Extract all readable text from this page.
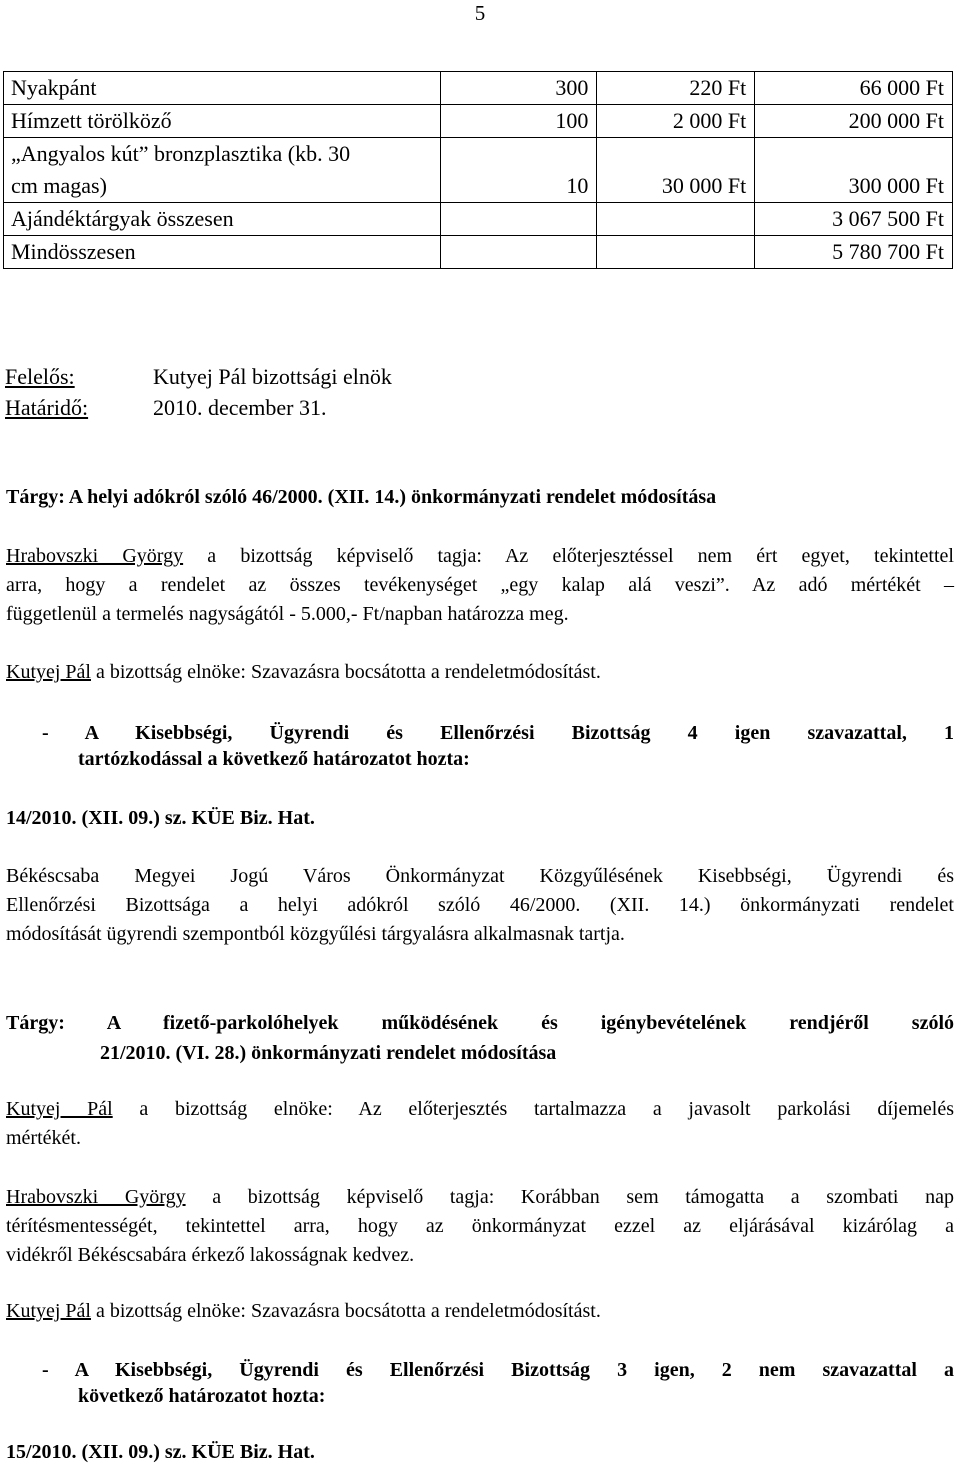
5
Nyakpánt	300	220 Ft	66 000 Ft
Hímzett törölköző	100	2 000 Ft	200 000 Ft

„Angyalos kút” bronzplasztika (kb. 30
cm magas)	10	30 000 Ft	300 000 Ft
Ajándéktárgyak összesen			3 067 500 Ft
Mindösszesen			5 780 700 Ft
Felelős:	Kutyej Pál bizottsági elnök
Határidő:	2010. december 31.
Tárgy: A helyi adókról szóló 46/2000. (XII. 14.) önkormányzati rendelet módosítása
Hrabovszki György a bizottság képviselő tagja: Az előterjesztéssel nem ért egyet, tekintettel
arra, hogy a rendelet az összes tevékenységet „egy kalap alá veszi”. Az adó mértékét –
függetlenül a termelés nagyságától - 5.000,- Ft/napban határozza meg.
Kutyej Pál a bizottság elnöke: Szavazásra bocsátotta a rendeletmódosítást.
- A Kisebbségi, Ügyrendi és Ellenőrzési Bizottság 4 igen szavazattal, 1
tartózkodással a következő határozatot hozta:
14/2010. (XII. 09.) sz. KÜE Biz. Hat.
Békéscsaba Megyei Jogú Város Önkormányzat Közgyűlésének Kisebbségi, Ügyrendi és
Ellenőrzési Bizottsága a helyi adókról szóló 46/2000. (XII. 14.) önkormányzati rendelet
módosítását ügyrendi szempontból közgyűlési tárgyalásra alkalmasnak tartja.
Tárgy: A fizető-parkolóhelyek működésének és igénybevételének rendjéről szóló
21/2010. (VI. 28.) önkormányzati rendelet módosítása
Kutyej Pál a bizottság elnöke: Az előterjesztés tartalmazza a javasolt parkolási díjemelés
mértékét.
Hrabovszki György a bizottság képviselő tagja: Korábban sem támogatta a szombati nap
térítésmentességét, tekintettel arra, hogy az önkormányzat ezzel az eljárásával kizárólag a
vidékről Békéscsabára érkező lakosságnak kedvez.
Kutyej Pál a bizottság elnöke: Szavazásra bocsátotta a rendeletmódosítást.
- A Kisebbségi, Ügyrendi és Ellenőrzési Bizottság 3 igen, 2 nem szavazattal a
következő határozatot hozta:
15/2010. (XII. 09.) sz. KÜE Biz. Hat.
